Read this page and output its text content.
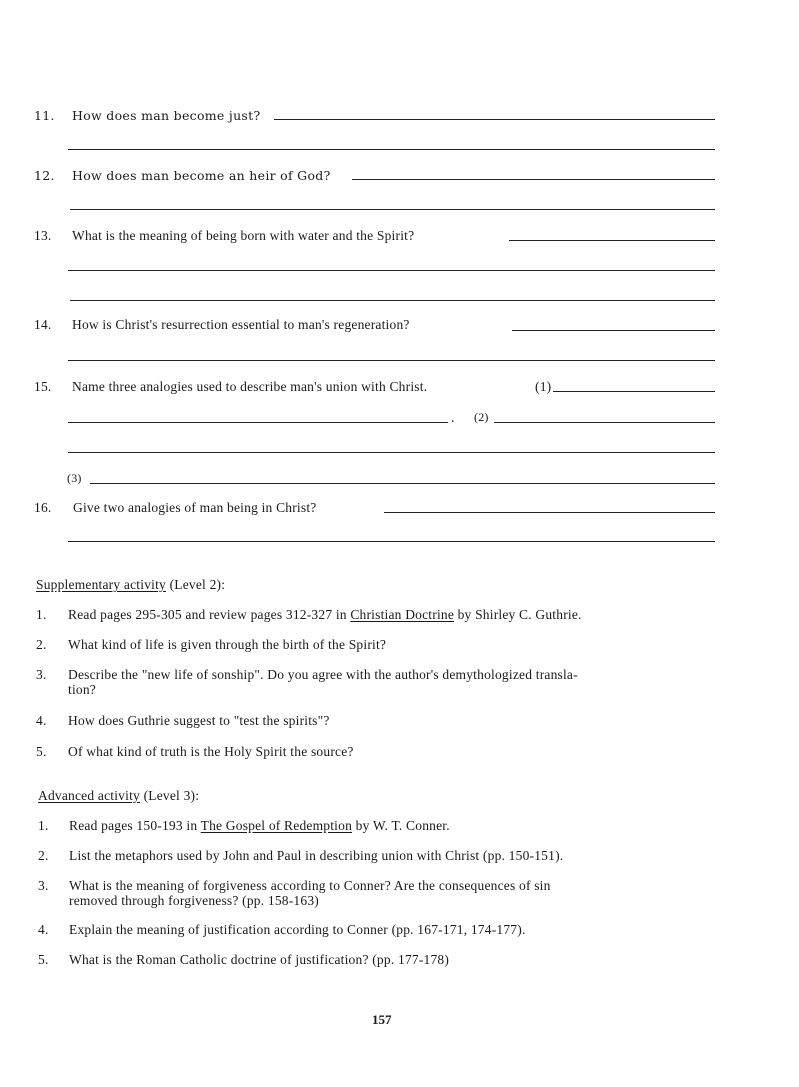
11. How does man become just?
12. How does man become an heir of God?
13. What is the meaning of being born with water and the Spirit?
14. How is Christ's resurrection essential to man's regeneration?
15. Name three analogies used to describe man's union with Christ.	(1)
. (2)
(3)
16. Give two analogies of man being in Christ?
Supplementary activity (Level 2):
1. Read pages 295-305 and review pages 312-327 in Christian Doctrine by Shirley C. Guthrie.
2. What kind of life is given through the birth of the Spirit?
3. Describe the "new life of sonship". Do you agree with the author's demythologized transla-
tion?
4. How does Guthrie suggest to "test the spirits"?
5. Of what kind of truth is the Holy Spirit the source?
Advanced activity (Level 3):
1. Read pages 150-193 in The Gospel of Redemption by W. T. Conner.
2. List the metaphors used by John and Paul in describing union with Christ (pp. 150-151).
3. What is the meaning of forgiveness according to Conner? Are the consequences of sin
removed through forgiveness? (pp. 158-163)
4. Explain the meaning of justification according to Conner (pp. 167-171, 174-177).
5. What is the Roman Catholic doctrine of justification? (pp. 177-178)
157
